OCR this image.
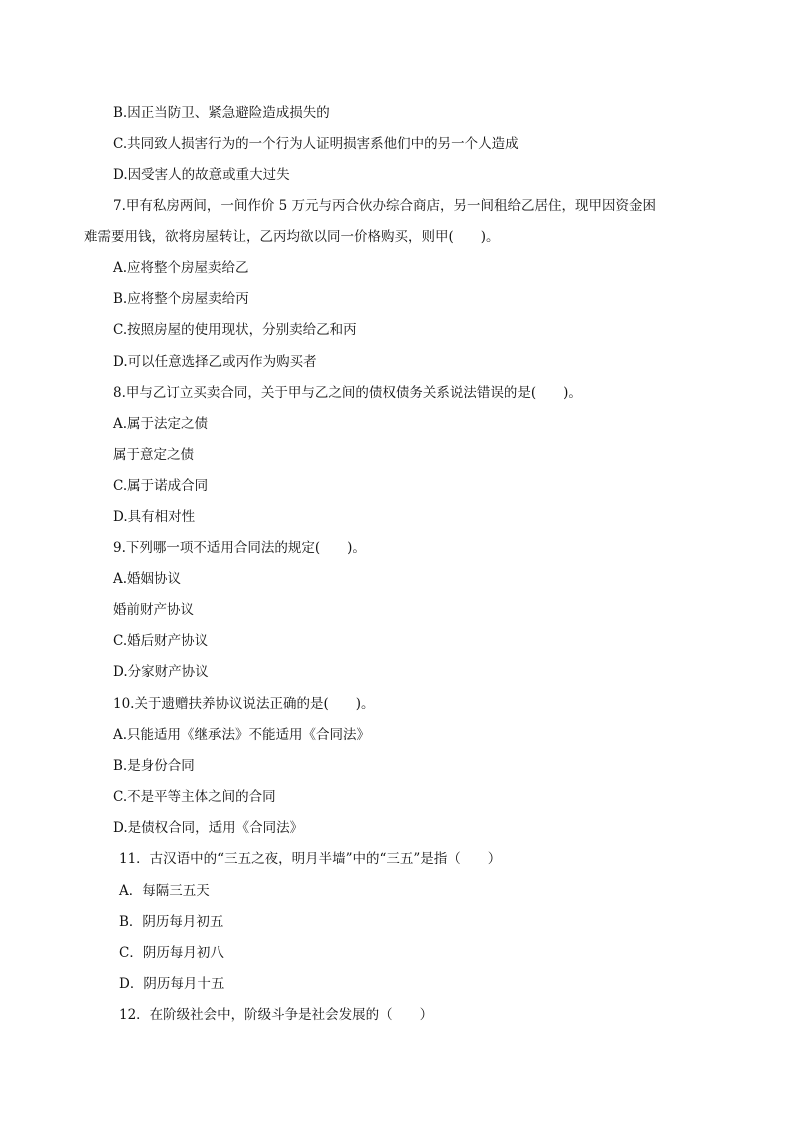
B.因正当防卫、紧急避险造成损失的
C.共同致人损害行为的一个行为人证明损害系他们中的另一个人造成
D.因受害人的故意或重大过失
7.甲有私房两间，一间作价 5 万元与丙合伙办综合商店，另一间租给乙居住，现甲因资金困
难需要用钱，欲将房屋转让，乙丙均欲以同一价格购买，则甲(　　)。
A.应将整个房屋卖给乙
B.应将整个房屋卖给丙
C.按照房屋的使用现状，分别卖给乙和丙
D.可以任意选择乙或丙作为购买者
8.甲与乙订立买卖合同，关于甲与乙之间的债权债务关系说法错误的是(　　)。
A.属于法定之债
属于意定之债
C.属于诺成合同
D.具有相对性
9.下列哪一项不适用合同法的规定(　　)。
A.婚姻协议
婚前财产协议
C.婚后财产协议
D.分家财产协议
10.关于遗赠扶养协议说法正确的是(　　)。
A.只能适用《继承法》不能适用《合同法》
B.是身份合同
C.不是平等主体之间的合同
D.是债权合同，适用《合同法》
11．古汉语中的“三五之夜，明月半墙”中的“三五”是指（　　）
A．每隔三五天
B．阴历每月初五
C．阴历每月初八
D．阴历每月十五
12．在阶级社会中，阶级斗争是社会发展的（　　）
